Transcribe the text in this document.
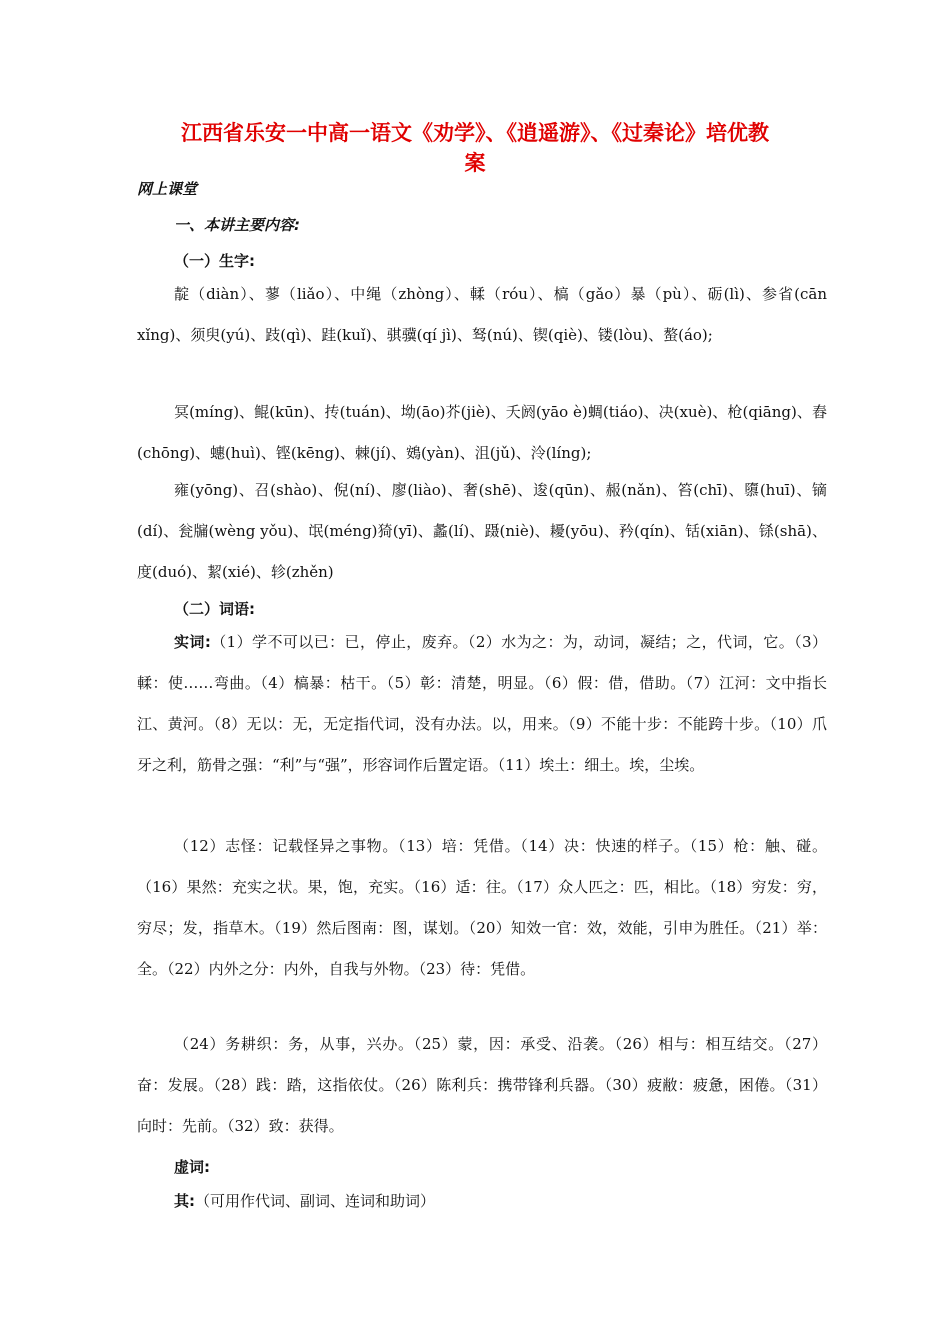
江西省乐安一中高一语文《劝学》、《逍遥游》、《过秦论》培优教
案
网上课堂
一、本讲主要内容:
（一）生字:

靛（diàn）、蓼（liǎo）、中绳（zhòng）、輮（róu）、槁（gǎo）暴（pù）、砺(lì)、参省(cān xǐng)、须臾(yú)、跂(qì)、跬(kuǐ)、骐骥(qí jì)、驽(nú)、锲(qiè)、镂(lòu)、螯(áo);

冥(míng)、鲲(kūn)、抟(tuán)、坳(āo)芥(jiè)、夭阏(yāo è)蜩(tiáo)、决(xuè)、枪(qiāng)、舂(chōng)、蟪(huì)、铿(kēng)、棘(jí)、鴳(yàn)、沮(jǔ)、泠(líng);

雍(yōng)、召(shào)、倪(ní)、廖(liào)、奢(shē)、逡(qūn)、赧(nǎn)、笞(chī)、隳(huī)、镝(dí)、瓮牖(wèng yǒu)、氓(méng)猗(yī)、蠡(lí)、蹑(niè)、耰(yōu)、矜(qín)、铦(xiān)、铩(shā)、度(duó)、絜(xié)、轸(zhěn)

（二）词语:

实词:（1）学不可以已：已，停止，废弃。（2）水为之：为，动词，凝结；之，代词，它。（3）輮：使……弯曲。（4）槁暴：枯干。（5）彰：清楚，明显。（6）假：借，借助。（7）江河：文中指长江、黄河。（8）无以：无，无定指代词，没有办法。以，用来。（9）不能十步：不能跨十步。（10）爪牙之利，筋骨之强：“利”与“强”，形容词作后置定语。（11）埃土：细土。埃，尘埃。

（12）志怪：记载怪异之事物。（13）培：凭借。（14）决：快速的样子。（15）枪：触、碰。（16）果然：充实之状。果，饱，充实。（16）适：往。（17）众人匹之：匹，相比。（18）穷发：穷，穷尽；发，指草木。（19）然后图南：图，谋划。（20）知效一官：效，效能，引申为胜任。（21）举：全。（22）内外之分：内外，自我与外物。（23）待：凭借。

（24）务耕织：务，从事，兴办。（25）蒙，因：承受、沿袭。（26）相与：相互结交。（27）奋：发展。（28）践：踏，这指依仗。（26）陈利兵：携带锋利兵器。（30）疲敝：疲惫，困倦。（31）向时：先前。（32）致：获得。

虚词:
其:（可用作代词、副词、连词和助词）
